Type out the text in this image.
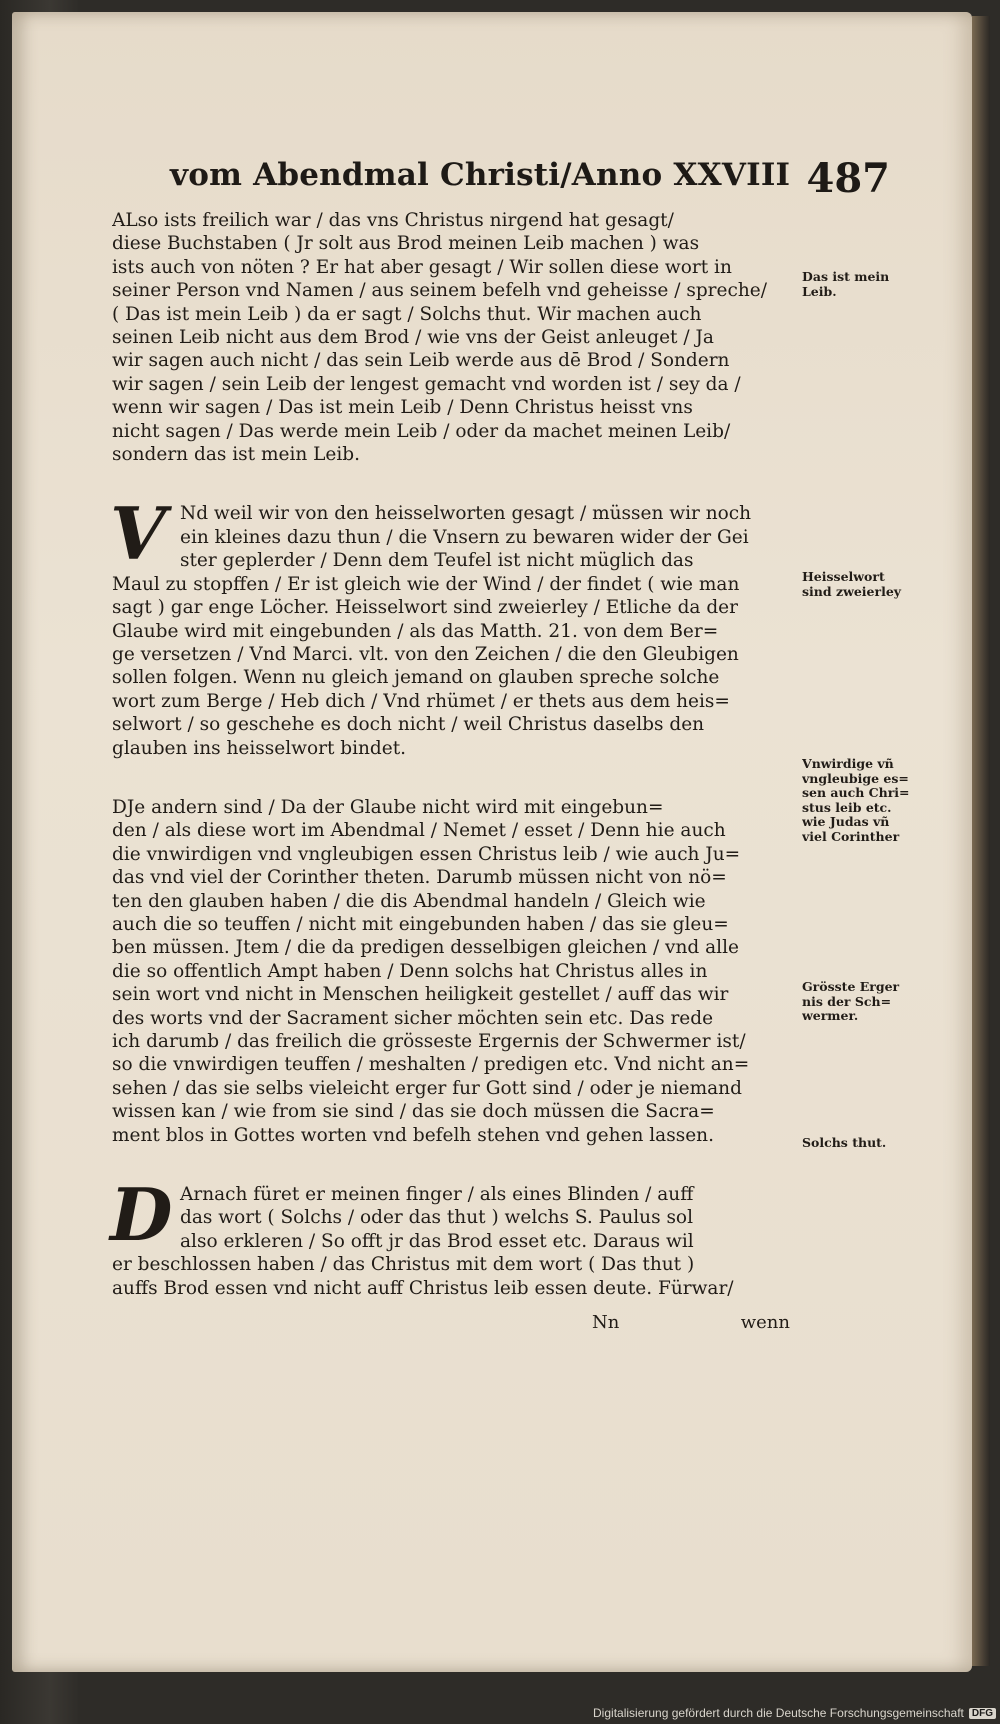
vom Abendmal Christi/Anno XXVIII 487
ALso ists freilich war / das vns Christus nirgend hat gesagt/
diese Buchstaben ( Jr solt aus Brod meinen Leib machen ) was
ists auch von nöten ? Er hat aber gesagt / Wir sollen diese wort in
seiner Person vnd Namen / aus seinem befelh vnd geheisse / spreche/
( Das ist mein Leib ) da er sagt / Solchs thut. Wir machen auch
seinen Leib nicht aus dem Brod / wie vns der Geist anleuget / Ja
wir sagen auch nicht / das sein Leib werde aus dē Brod / Sondern
wir sagen / sein Leib der lengest gemacht vnd worden ist / sey da /
wenn wir sagen / Das ist mein Leib / Denn Christus heisst vns
nicht sagen / Das werde mein Leib / oder da machet meinen Leib/
sondern das ist mein Leib.
V Nd weil wir von den heisselworten gesagt / müssen wir noch
ein kleines dazu thun / die Vnsern zu bewaren wider der Gei
ster geplerder / Denn dem Teufel ist nicht müglich das
Maul zu stopffen / Er ist gleich wie der Wind / der findet ( wie man
sagt ) gar enge Löcher. Heisselwort sind zweierley / Etliche da der
Glaube wird mit eingebunden / als das Matth. 21. von dem Ber=
ge versetzen / Vnd Marci. vlt. von den Zeichen / die den Gleubigen
sollen folgen. Wenn nu gleich jemand on glauben spreche solche
wort zum Berge / Heb dich / Vnd rhümet / er thets aus dem heis=
selwort / so geschehe es doch nicht / weil Christus daselbs den
glauben ins heisselwort bindet.
DJe andern sind / Da der Glaube nicht wird mit eingebun=
den / als diese wort im Abendmal / Nemet / esset / Denn hie auch
die vnwirdigen vnd vngleubigen essen Christus leib / wie auch Ju=
das vnd viel der Corinther theten. Darumb müssen nicht von nö=
ten den glauben haben / die dis Abendmal handeln / Gleich wie
auch die so teuffen / nicht mit eingebunden haben / das sie gleu=
ben müssen. Jtem / die da predigen desselbigen gleichen / vnd alle
die so offentlich Ampt haben / Denn solchs hat Christus alles in
sein wort vnd nicht in Menschen heiligkeit gestellet / auff das wir
des worts vnd der Sacrament sicher möchten sein etc. Das rede
ich darumb / das freilich die grösseste Ergernis der Schwermer ist/
so die vnwirdigen teuffen / meshalten / predigen etc. Vnd nicht an=
sehen / das sie selbs vieleicht erger fur Gott sind / oder je niemand
wissen kan / wie from sie sind / das sie doch müssen die Sacra=
ment blos in Gottes worten vnd befelh stehen vnd gehen lassen.
D Arnach füret er meinen finger / als eines Blinden / auff
das wort ( Solchs / oder das thut ) welchs S. Paulus sol
also erkleren / So offt jr das Brod esset etc. Daraus wil
er beschlossen haben / das Christus mit dem wort ( Das thut )
auffs Brod essen vnd nicht auff Christus leib essen deute. Fürwar/
Nn	wenn
Das ist mein
Leib.
Heisselwort
sind zweierley
Vnwirdige vñ
vngleubige es=
sen auch Chri=
stus leib etc.
wie Judas vñ
viel Corinther
Grösste Erger
nis der Sch=
wermer.
Solchs thut.

Digitalisierung gefördert durch die Deutsche Forschungsgemeinschaft DFG
